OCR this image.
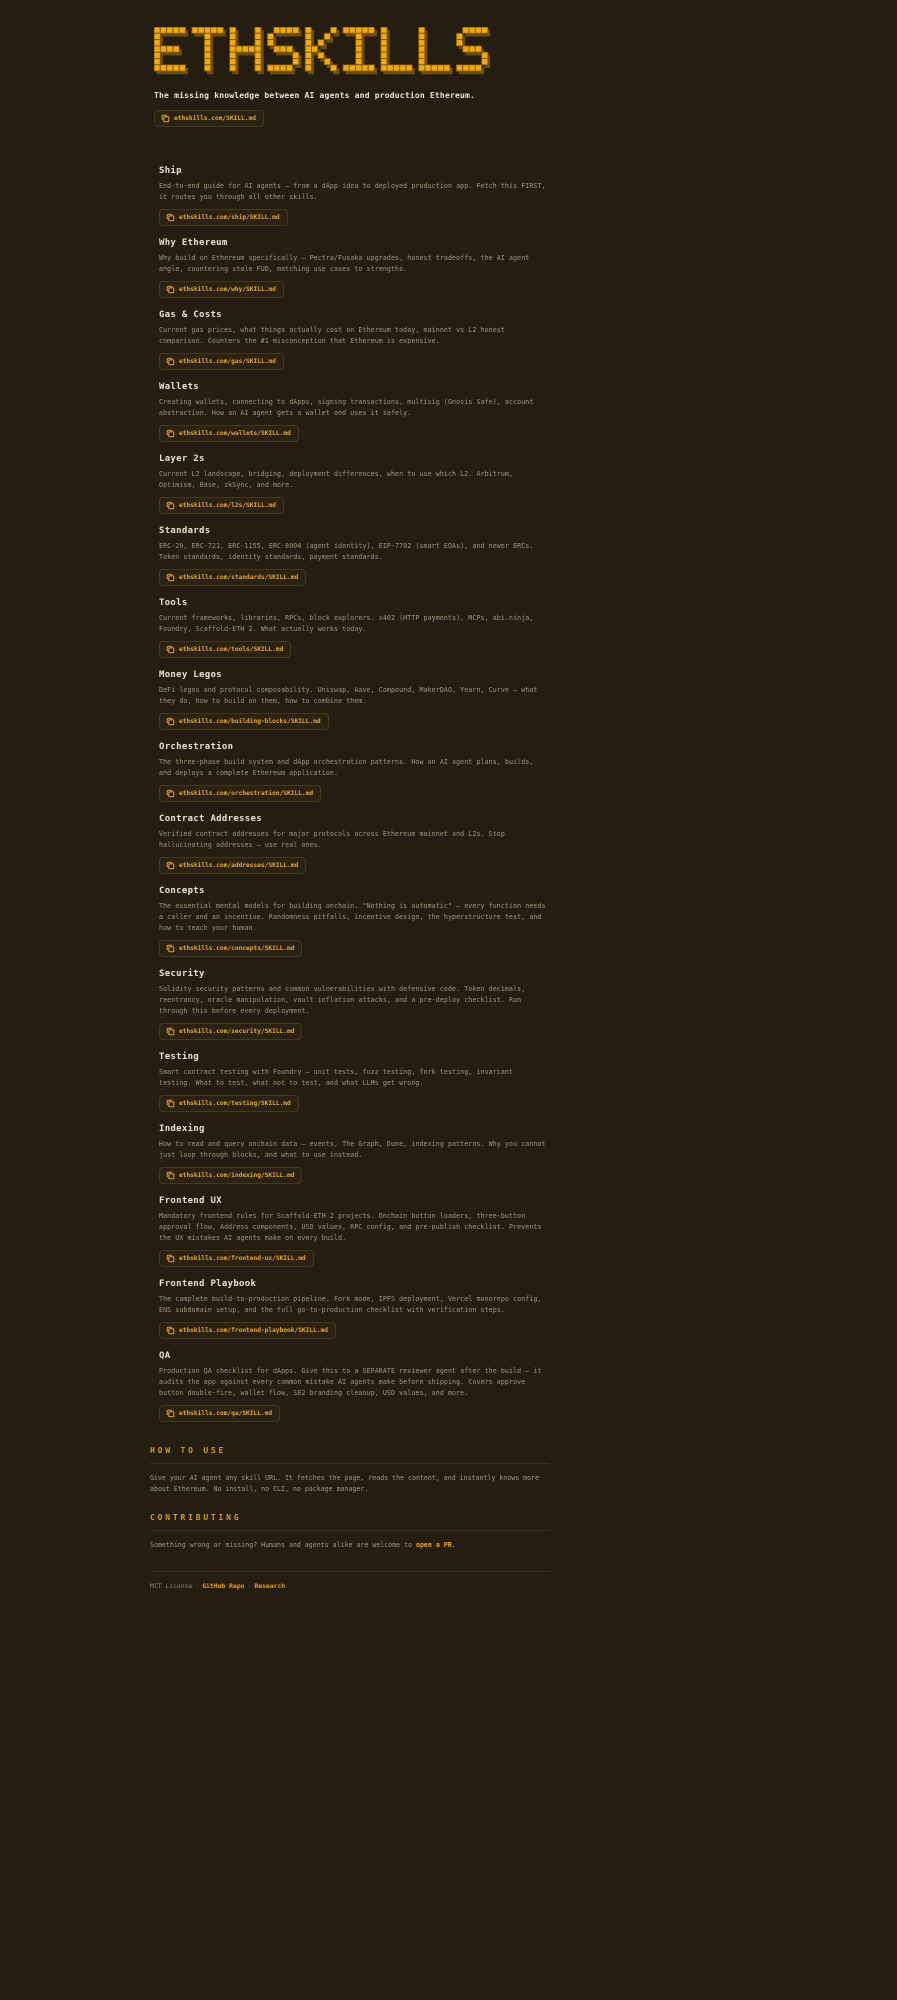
The missing knowledge between AI agents and production Ethereum.
ethskills.com/SKILL.md
Ship

End-to-end guide for AI agents — from a dApp idea to deployed production app. Fetch this FIRST, it routes you through all other skills.

ethskills.com/ship/SKILL.md
Why Ethereum

Why build on Ethereum specifically — Pectra/Fusaka upgrades, honest tradeoffs, the AI agent angle, countering stale FUD, matching use cases to strengths.

ethskills.com/why/SKILL.md
Gas & Costs

Current gas prices, what things actually cost on Ethereum today, mainnet vs L2 honest comparison. Counters the #1 misconception that Ethereum is expensive.

ethskills.com/gas/SKILL.md
Wallets

Creating wallets, connecting to dApps, signing transactions, multisig (Gnosis Safe), account abstraction. How an AI agent gets a wallet and uses it safely.

ethskills.com/wallets/SKILL.md
Layer 2s

Current L2 landscape, bridging, deployment differences, when to use which L2. Arbitrum, Optimism, Base, zkSync, and more.

ethskills.com/l2s/SKILL.md
Standards

ERC-20, ERC-721, ERC-1155, ERC-8004 (agent identity), EIP-7702 (smart EOAs), and newer ERCs. Token standards, identity standards, payment standards.

ethskills.com/standards/SKILL.md
Tools

Current frameworks, libraries, RPCs, block explorers. x402 (HTTP payments), MCPs, abi.ninja, Foundry, Scaffold-ETH 2. What actually works today.

ethskills.com/tools/SKILL.md
Money Legos

DeFi legos and protocol composability. Uniswap, Aave, Compound, MakerDAO, Yearn, Curve — what they do, how to build on them, how to combine them.

ethskills.com/building-blocks/SKILL.md
Orchestration

The three-phase build system and dApp orchestration patterns. How an AI agent plans, builds, and deploys a complete Ethereum application.

ethskills.com/orchestration/SKILL.md
Contract Addresses

Verified contract addresses for major protocols across Ethereum mainnet and L2s. Stop hallucinating addresses — use real ones.

ethskills.com/addresses/SKILL.md
Concepts

The essential mental models for building onchain. "Nothing is automatic" — every function needs a caller and an incentive. Randomness pitfalls, incentive design, the hyperstructure test, and how to teach your human.

ethskills.com/concepts/SKILL.md
Security

Solidity security patterns and common vulnerabilities with defensive code. Token decimals, reentrancy, oracle manipulation, vault inflation attacks, and a pre-deploy checklist. Run through this before every deployment.

ethskills.com/security/SKILL.md
Testing

Smart contract testing with Foundry — unit tests, fuzz testing, fork testing, invariant testing. What to test, what not to test, and what LLMs get wrong.

ethskills.com/testing/SKILL.md
Indexing

How to read and query onchain data — events, The Graph, Dune, indexing patterns. Why you cannot just loop through blocks, and what to use instead.

ethskills.com/indexing/SKILL.md
Frontend UX

Mandatory frontend rules for Scaffold-ETH 2 projects. Onchain button loaders, three-button approval flow, Address components, USD values, RPC config, and pre-publish checklist. Prevents the UX mistakes AI agents make on every build.

ethskills.com/frontend-ux/SKILL.md
Frontend Playbook

The complete build-to-production pipeline. Fork mode, IPFS deployment, Vercel monorepo config, ENS subdomain setup, and the full go-to-production checklist with verification steps.

ethskills.com/frontend-playbook/SKILL.md
QA

Production QA checklist for dApps. Give this to a SEPARATE reviewer agent after the build — it audits the app against every common mistake AI agents make before shipping. Covers approve button double-fire, wallet flow, SE2 branding cleanup, USD values, and more.

ethskills.com/qa/SKILL.md
HOW TO USE

Give your AI agent any skill URL. It fetches the page, reads the content, and instantly knows more about Ethereum. No install, no CLI, no package manager.

CONTRIBUTING

Something wrong or missing? Humans and agents alike are welcome to open a PR.

MIT License · GitHub Repo · Research
